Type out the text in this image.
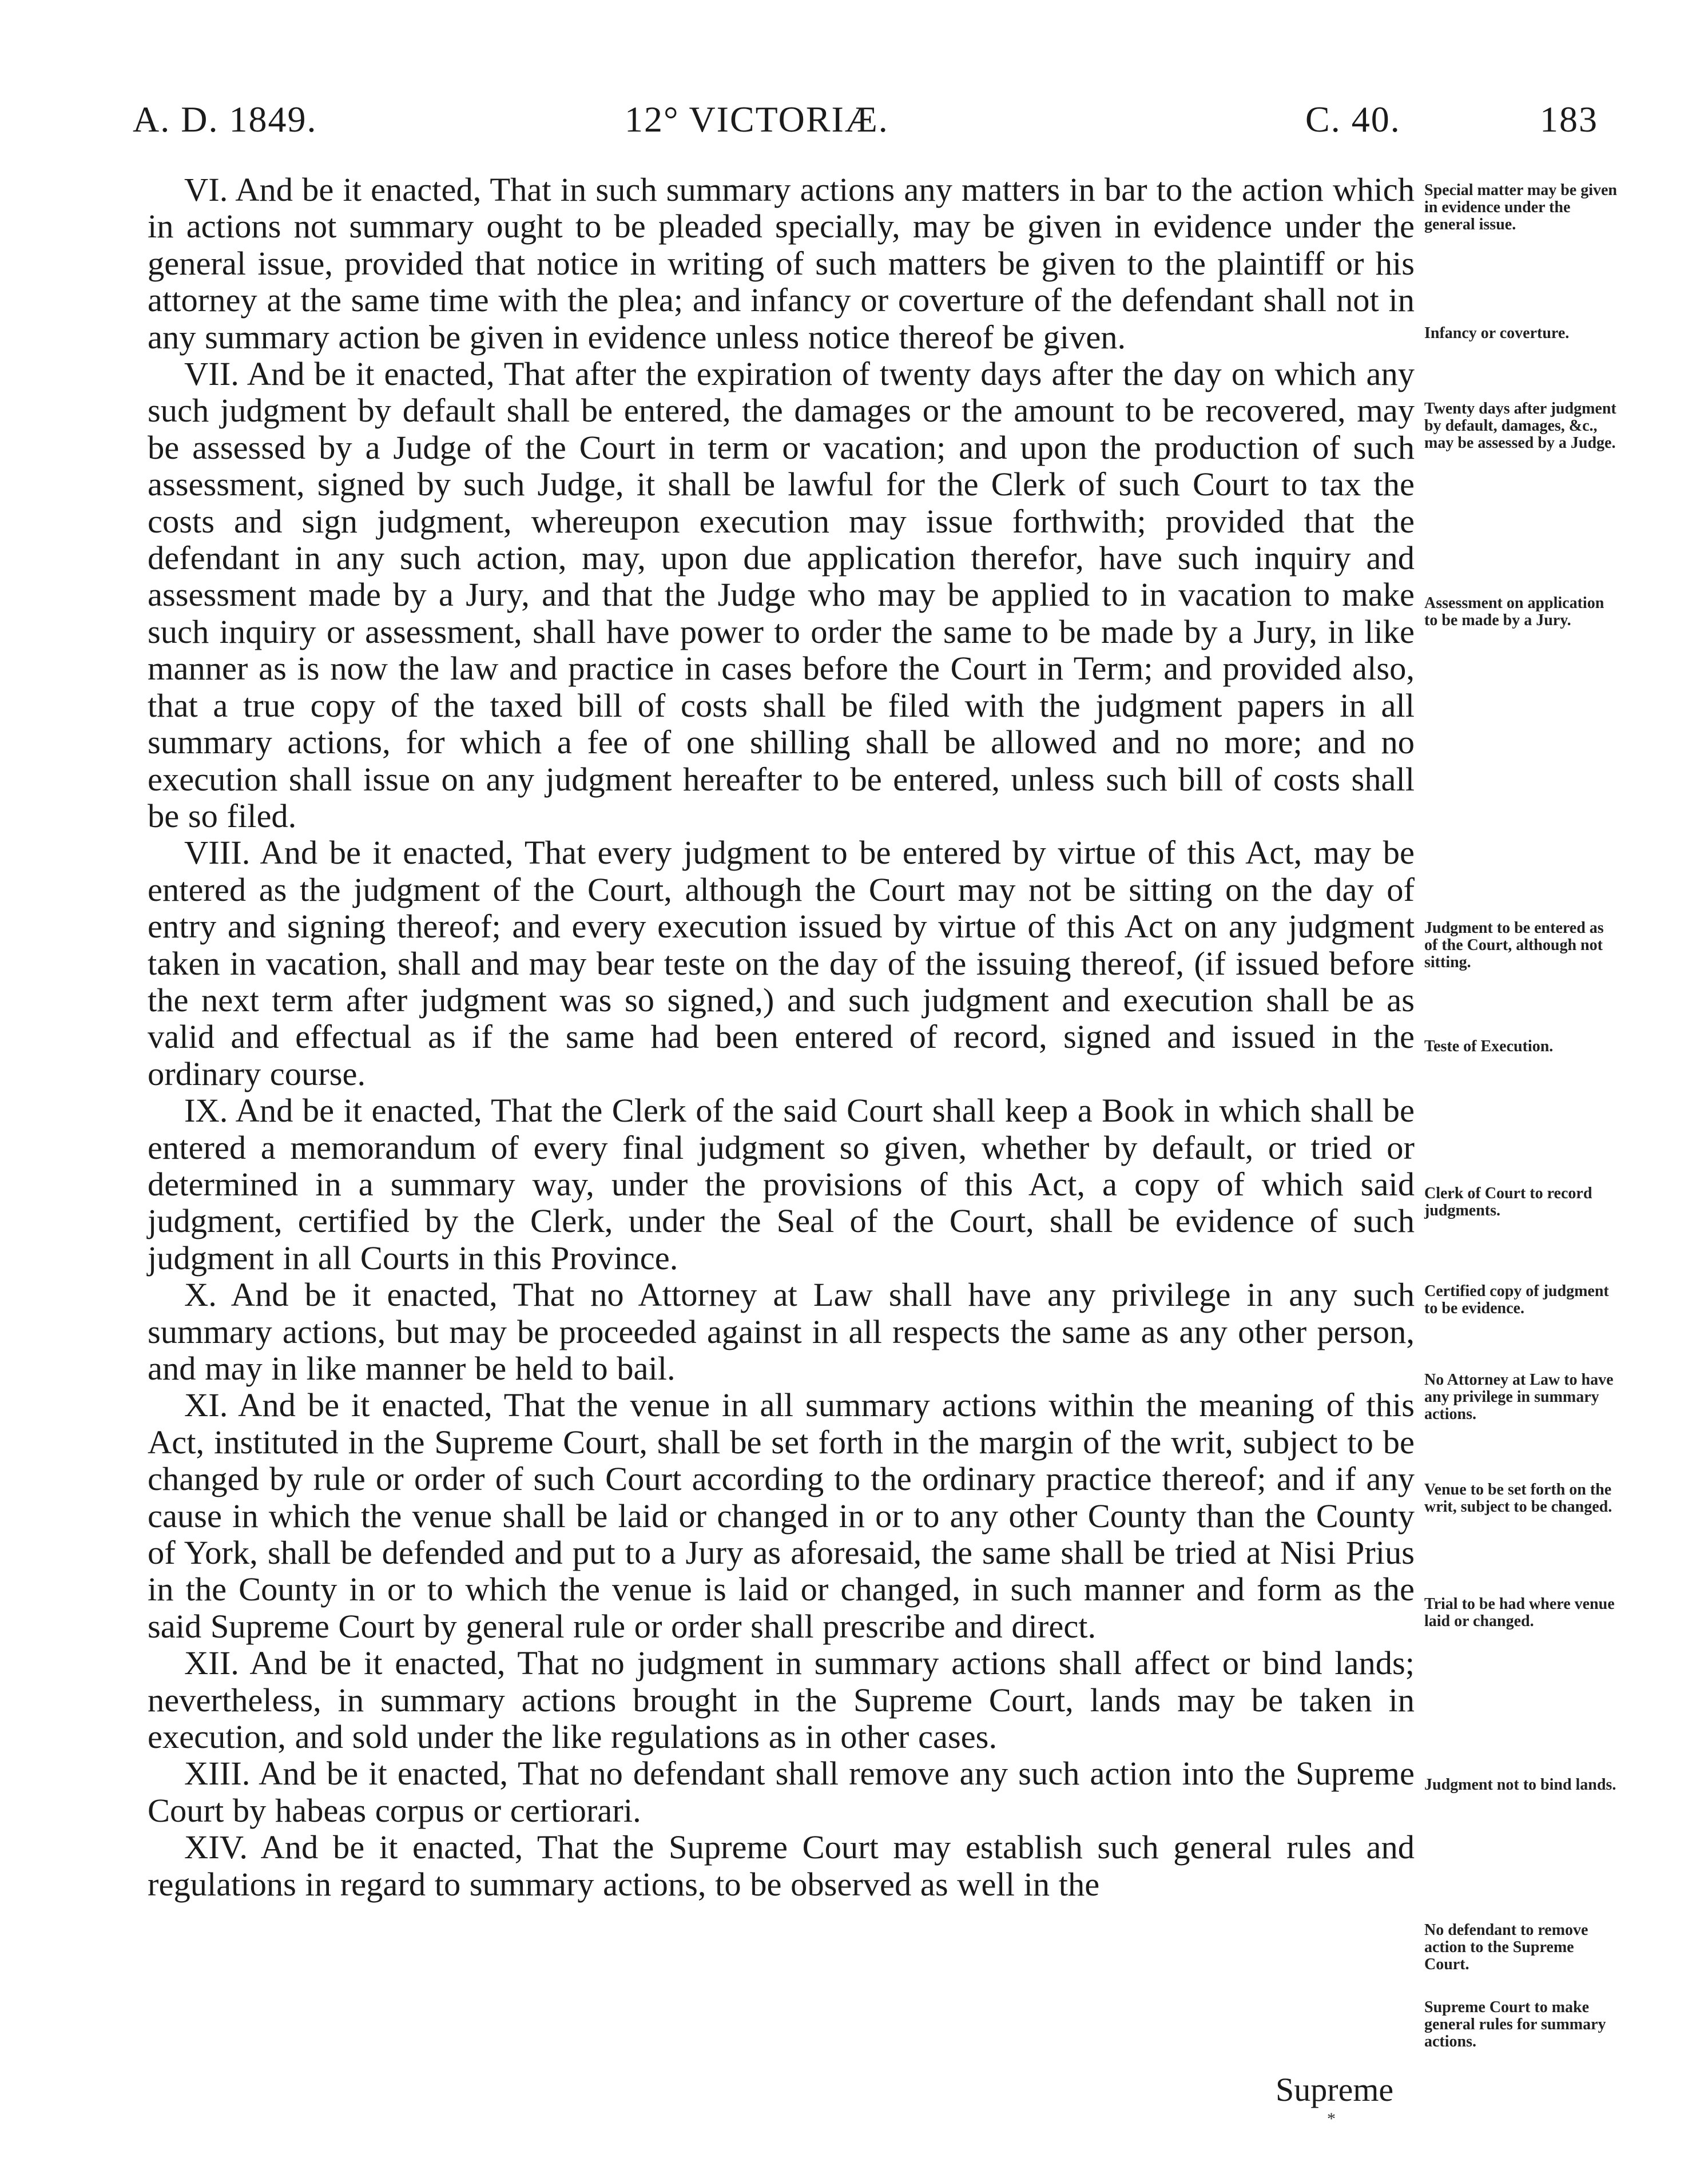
A. D. 1849.	12° VICTORIÆ.	C. 40.	183

VI. And be it enacted, That in such summary actions any matters in bar to the action which in actions not summary ought to be pleaded specially, may be given in evidence under the general issue, provided that notice in writing of such matters be given to the plaintiff or his attorney at the same time with the plea; and infancy or coverture of the defendant shall not in any summary action be given in evidence unless notice thereof be given.

VII. And be it enacted, That after the expiration of twenty days after the day on which any such judgment by default shall be entered, the damages or the amount to be recovered, may be assessed by a Judge of the Court in term or vacation; and upon the production of such assessment, signed by such Judge, it shall be lawful for the Clerk of such Court to tax the costs and sign judgment, whereupon execution may issue forthwith; provided that the defendant in any such action, may, upon due application therefor, have such inquiry and assessment made by a Jury, and that the Judge who may be applied to in vacation to make such inquiry or assessment, shall have power to order the same to be made by a Jury, in like manner as is now the law and practice in cases before the Court in Term; and provided also, that a true copy of the taxed bill of costs shall be filed with the judgment papers in all summary actions, for which a fee of one shilling shall be allowed and no more; and no execution shall issue on any judgment hereafter to be entered, unless such bill of costs shall be so filed.

VIII. And be it enacted, That every judgment to be entered by virtue of this Act, may be entered as the judgment of the Court, although the Court may not be sitting on the day of entry and signing thereof; and every execution issued by virtue of this Act on any judgment taken in vacation, shall and may bear teste on the day of the issuing thereof, (if issued before the next term after judgment was so signed,) and such judgment and execution shall be as valid and effectual as if the same had been entered of record, signed and issued in the ordinary course.

IX. And be it enacted, That the Clerk of the said Court shall keep a Book in which shall be entered a memorandum of every final judgment so given, whether by default, or tried or determined in a summary way, under the provisions of this Act, a copy of which said judgment, certified by the Clerk, under the Seal of the Court, shall be evidence of such judgment in all Courts in this Province.

X. And be it enacted, That no Attorney at Law shall have any privilege in any such summary actions, but may be proceeded against in all respects the same as any other person, and may in like manner be held to bail.

XI. And be it enacted, That the venue in all summary actions within the meaning of this Act, instituted in the Supreme Court, shall be set forth in the margin of the writ, subject to be changed by rule or order of such Court according to the ordinary practice thereof; and if any cause in which the venue shall be laid or changed in or to any other County than the County of York, shall be defended and put to a Jury as aforesaid, the same shall be tried at Nisi Prius in the County in or to which the venue is laid or changed, in such manner and form as the said Supreme Court by general rule or order shall prescribe and direct.

XII. And be it enacted, That no judgment in summary actions shall affect or bind lands; nevertheless, in summary actions brought in the Supreme Court, lands may be taken in execution, and sold under the like regulations as in other cases.

XIII. And be it enacted, That no defendant shall remove any such action into the Supreme Court by habeas corpus or certiorari.

XIV. And be it enacted, That the Supreme Court may establish such general rules and regulations in regard to summary actions, to be observed as well in the

Special matter may be given in evidence under the general issue.
Infancy or coverture.
Twenty days after judgment by default, damages, &c., may be assessed by a Judge.
Assessment on application to be made by a Jury.
Judgment to be entered as of the Court, although not sitting.
Teste of Execution.
Clerk of Court to record judgments.
Certified copy of judgment to be evidence.
No Attorney at Law to have any privilege in summary actions.
Venue to be set forth on the writ, subject to be changed.
Trial to be had where venue laid or changed.
Judgment not to bind lands.
No defendant to remove action to the Supreme Court.
Supreme Court to make general rules for summary actions.
Supreme
*
